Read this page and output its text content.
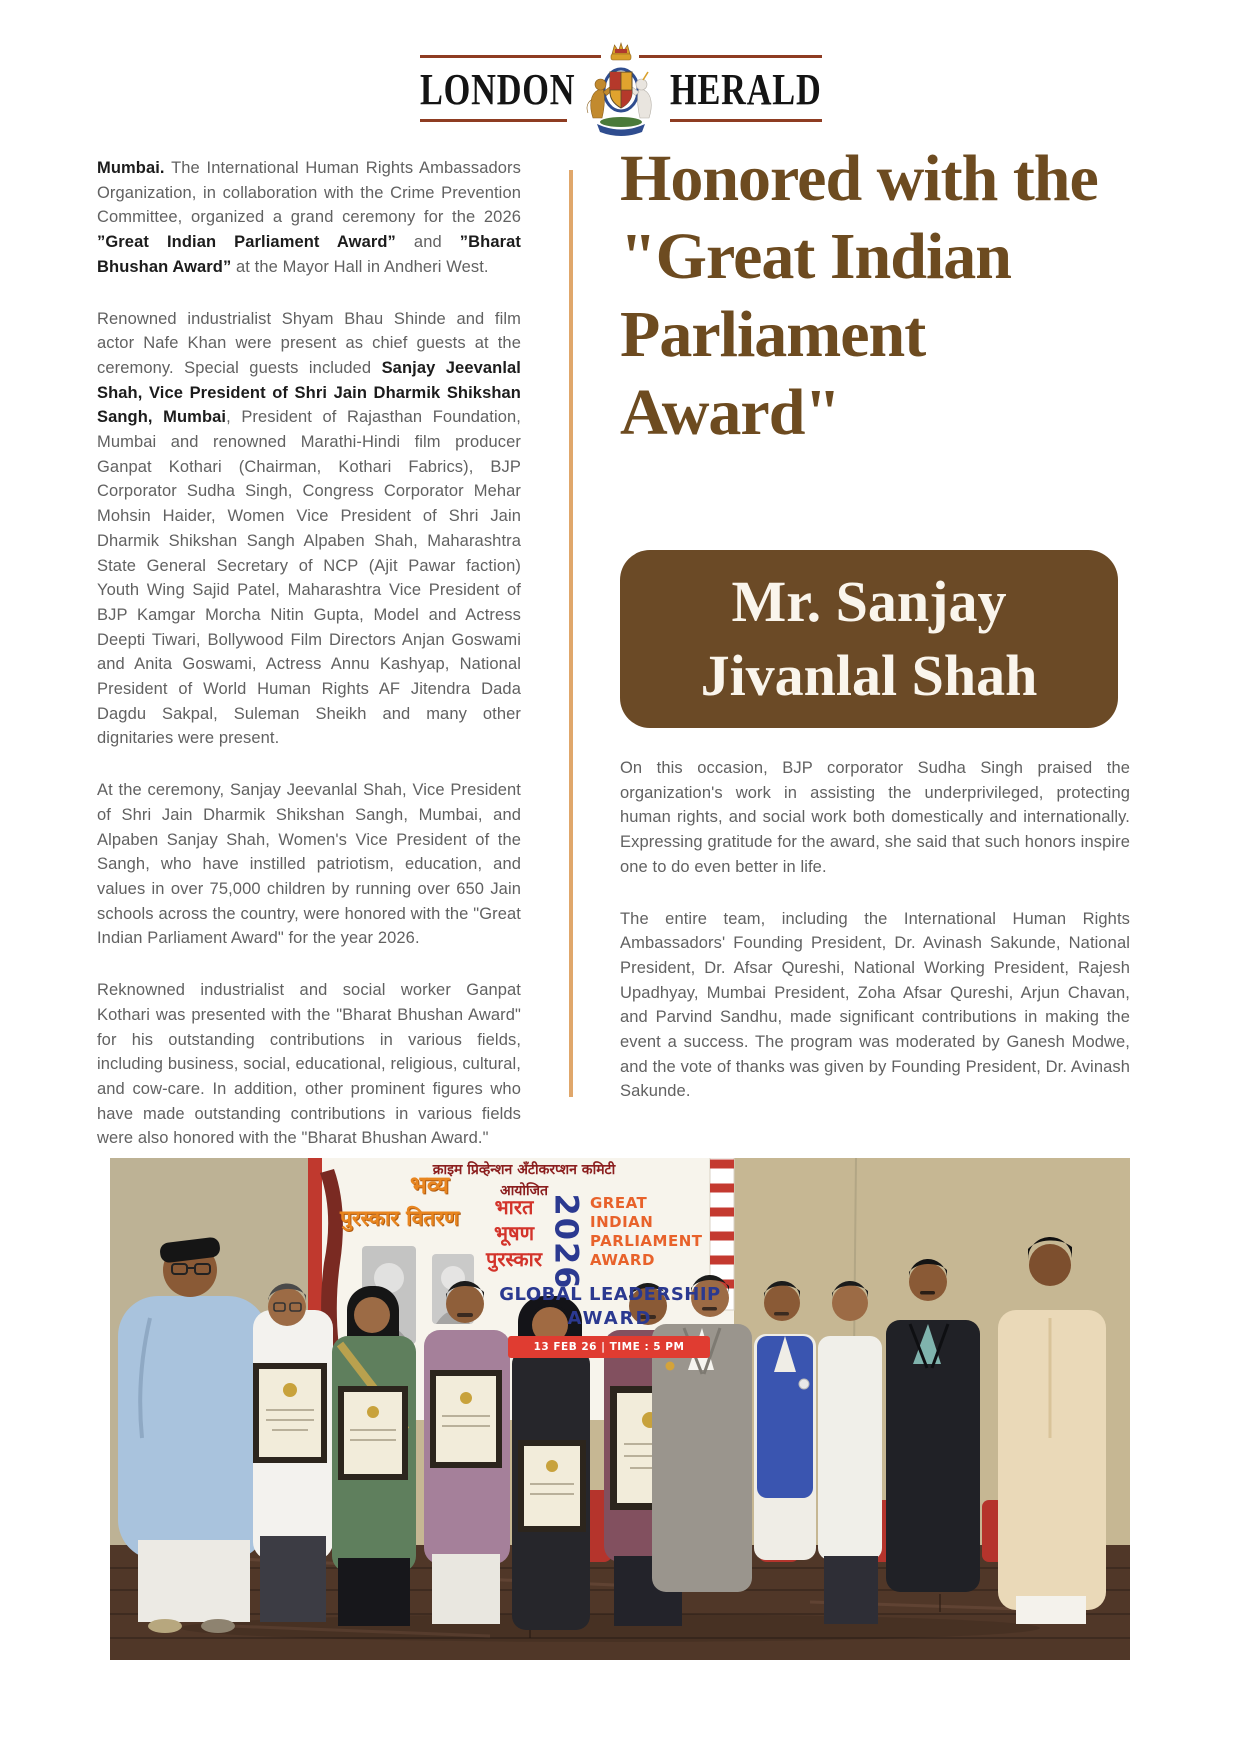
LONDON HERALD

Mumbai. The International Human Rights Ambassadors Organization, in collaboration with the Crime Prevention Committee, organized a grand ceremony for the 2026 ”Great Indian Parliament Award” and ”Bharat Bhushan Award” at the Mayor Hall in Andheri West.

Renowned industrialist Shyam Bhau Shinde and film actor Nafe Khan were present as chief guests at the ceremony. Special guests included Sanjay Jeevanlal Shah, Vice President of Shri Jain Dharmik Shikshan Sangh, Mumbai, President of Rajasthan Foundation, Mumbai and renowned Marathi-Hindi film producer Ganpat Kothari (Chairman, Kothari Fabrics), BJP Corporator Sudha Singh, Congress Corporator Mehar Mohsin Haider, Women Vice President of Shri Jain Dharmik Shikshan Sangh Alpaben Shah, Maharashtra State General Secretary of NCP (Ajit Pawar faction) Youth Wing Sajid Patel, Maharashtra Vice President of BJP Kamgar Morcha Nitin Gupta, Model and Actress Deepti Tiwari, Bollywood Film Directors Anjan Goswami and Anita Goswami, Actress Annu Kashyap, National President of World Human Rights AF Jitendra Dada Dagdu Sakpal, Suleman Sheikh and many other dignitaries were present.

At the ceremony, Sanjay Jeevanlal Shah, Vice President of Shri Jain Dharmik Shikshan Sangh, Mumbai, and Alpaben Sanjay Shah, Women's Vice President of the Sangh, who have instilled patriotism, education, and values in over 75,000 children by running over 650 Jain schools across the country, were honored with the "Great Indian Parliament Award" for the year 2026.

Reknowned industrialist and social worker Ganpat Kothari was presented with the "Bharat Bhushan Award" for his outstanding contributions in various fields, including business, social, educational, religious, cultural, and cow-care. In addition, other prominent figures who have made outstanding contributions in various fields were also honored with the "Bharat Bhushan Award."

Honored with the "Great Indian Parliament Award"
Mr. Sanjay
Jivanlal Shah

On this occasion, BJP corporator Sudha Singh praised the organization's work in assisting the underprivileged, protecting human rights, and social work both domestically and internationally. Expressing gratitude for the award, she said that such honors inspire one to do even better in life.

The entire team, including the International Human Rights Ambassadors' Founding President, Dr. Avinash Sakunde, National President, Dr. Afsar Qureshi, National Working President, Rajesh Upadhyay, Mumbai President, Zoha Afsar Qureshi, Arjun Chavan, and Parvind Sandhu, made significant contributions in making the event a success. The program was moderated by Ganesh Modwe, and the vote of thanks was given by Founding President, Dr. Avinash Sakunde.

क्राइम प्रिव्हेन्शन अँटीकरप्शन कमिटी
आयोजित
भव्य
पुरस्कार वितरण	भारत
भूषण
पुरस्कार 2026 GREAT
INDIAN
PARLIAMENT
AWARD
GLOBAL LEADERSHIP
AWARD
13 FEB 26 | TIME : 5 PM
